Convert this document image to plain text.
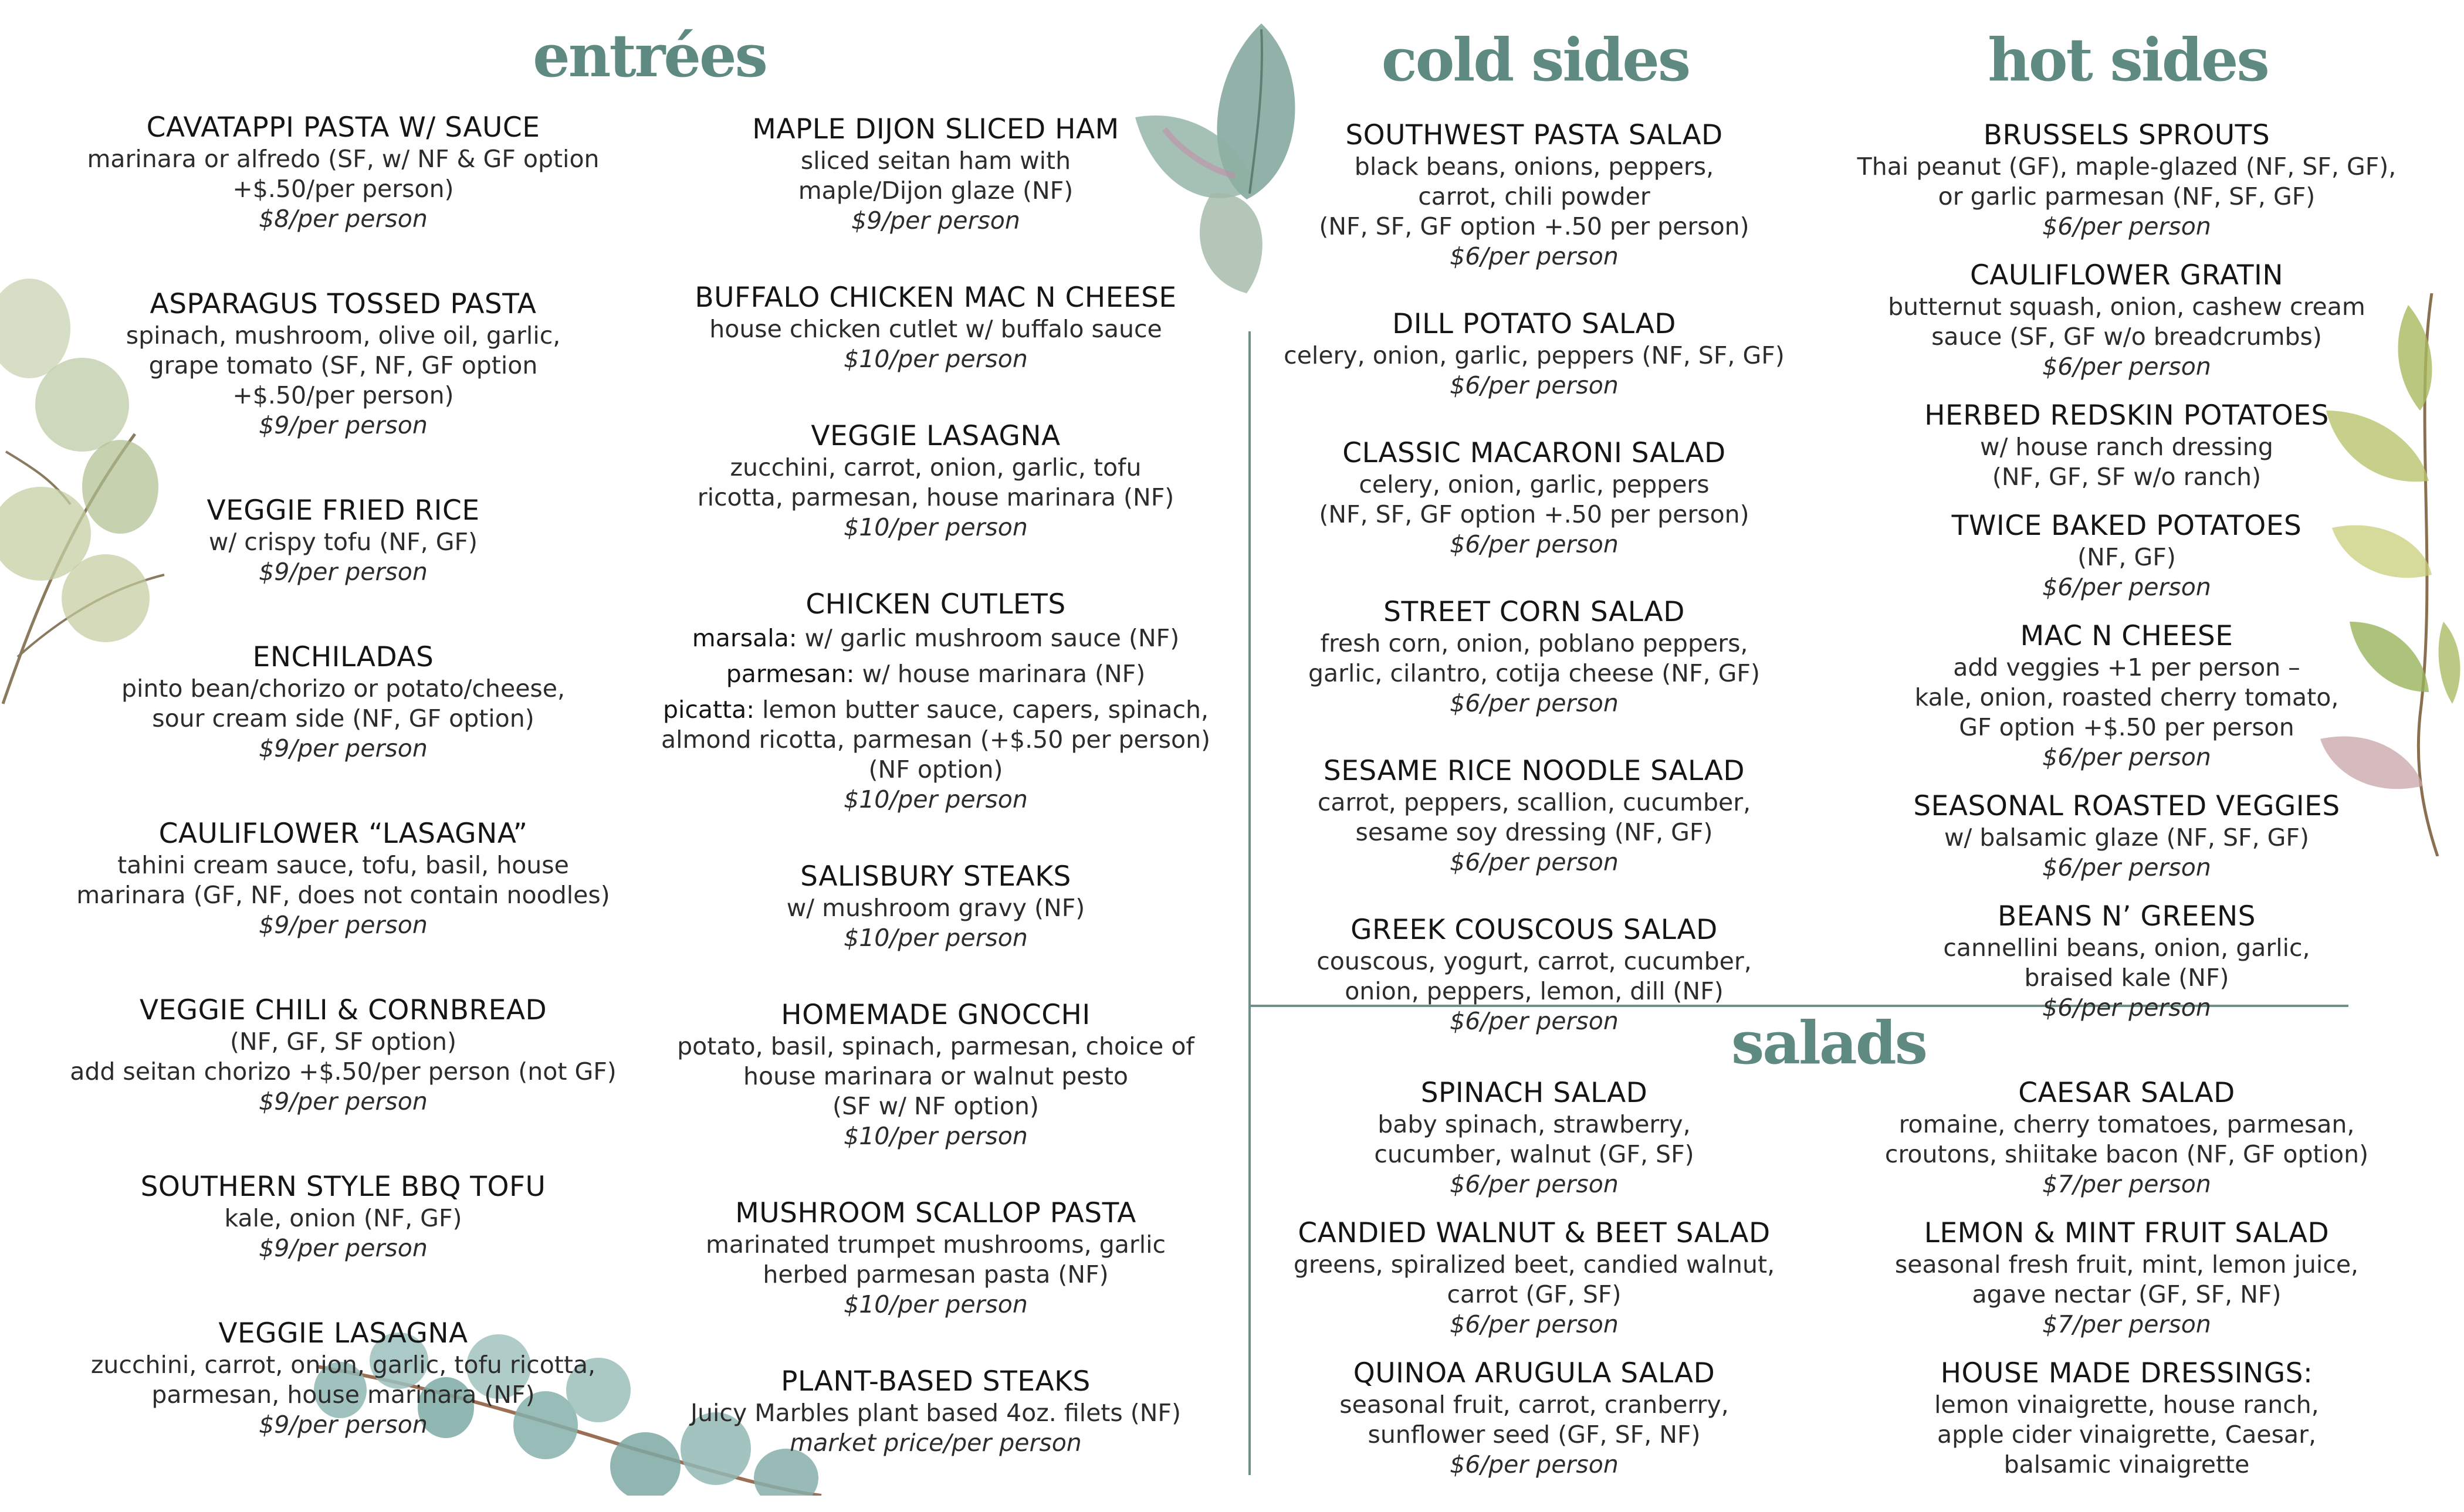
entrées	cold sides	hot sides
salads
CAVATAPPI PASTA W/ SAUCE
marinara or alfredo (SF, w/ NF & GF option
+$.50/per person)
$8/per person
ASPARAGUS TOSSED PASTA
spinach, mushroom, olive oil, garlic,
grape tomato (SF, NF, GF option
+$.50/per person)
$9/per person
VEGGIE FRIED RICE
w/ crispy tofu (NF, GF)
$9/per person
ENCHILADAS
pinto bean/chorizo or potato/cheese,
sour cream side (NF, GF option)
$9/per person
CAULIFLOWER “LASAGNA”
tahini cream sauce, tofu, basil, house
marinara (GF, NF, does not contain noodles)
$9/per person
VEGGIE CHILI & CORNBREAD
(NF, GF, SF option)
add seitan chorizo +$.50/per person (not GF)
$9/per person
SOUTHERN STYLE BBQ TOFU
kale, onion (NF, GF)
$9/per person
VEGGIE LASAGNA
zucchini, carrot, onion, garlic, tofu ricotta,
parmesan, house marinara (NF)
$9/per person
MAPLE DIJON SLICED HAM
sliced seitan ham with
maple/Dijon glaze (NF)
$9/per person
BUFFALO CHICKEN MAC N CHEESE
house chicken cutlet w/ buffalo sauce
$10/per person
VEGGIE LASAGNA
zucchini, carrot, onion, garlic, tofu
ricotta, parmesan, house marinara (NF)
$10/per person
CHICKEN CUTLETS
marsala: w/ garlic mushroom sauce (NF)
parmesan: w/ house marinara (NF)
picatta: lemon butter sauce, capers, spinach,
almond ricotta, parmesan (+$.50 per person)
(NF option)
$10/per person
SALISBURY STEAKS
w/ mushroom gravy (NF)
$10/per person
HOMEMADE GNOCCHI
potato, basil, spinach, parmesan, choice of
house marinara or walnut pesto
(SF w/ NF option)
$10/per person
MUSHROOM SCALLOP PASTA
marinated trumpet mushrooms, garlic
herbed parmesan pasta (NF)
$10/per person
PLANT-BASED STEAKS
Juicy Marbles plant based 4oz. filets (NF)
market price/per person
SOUTHWEST PASTA SALAD
black beans, onions, peppers,
carrot, chili powder
(NF, SF, GF option +.50 per person)
$6/per person
DILL POTATO SALAD
celery, onion, garlic, peppers (NF, SF, GF)
$6/per person
CLASSIC MACARONI SALAD
celery, onion, garlic, peppers
(NF, SF, GF option +.50 per person)
$6/per person
STREET CORN SALAD
fresh corn, onion, poblano peppers,
garlic, cilantro, cotija cheese (NF, GF)
$6/per person
SESAME RICE NOODLE SALAD
carrot, peppers, scallion, cucumber,
sesame soy dressing (NF, GF)
$6/per person
GREEK COUSCOUS SALAD
couscous, yogurt, carrot, cucumber,
onion, peppers, lemon, dill (NF)
$6/per person
BRUSSELS SPROUTS
Thai peanut (GF), maple-glazed (NF, SF, GF),
or garlic parmesan (NF, SF, GF)
$6/per person
CAULIFLOWER GRATIN
butternut squash, onion, cashew cream
sauce (SF, GF w/o breadcrumbs)
$6/per person
HERBED REDSKIN POTATOES
w/ house ranch dressing
(NF, GF, SF w/o ranch)
TWICE BAKED POTATOES
(NF, GF)
$6/per person
MAC N CHEESE
add veggies +1 per person –
kale, onion, roasted cherry tomato,
GF option +$.50 per person
$6/per person
SEASONAL ROASTED VEGGIES
w/ balsamic glaze (NF, SF, GF)
$6/per person
BEANS N’ GREENS
cannellini beans, onion, garlic,
braised kale (NF)
$6/per person
SPINACH SALAD
baby spinach, strawberry,
cucumber, walnut (GF, SF)
$6/per person
CANDIED WALNUT & BEET SALAD
greens, spiralized beet, candied walnut,
carrot (GF, SF)
$6/per person
QUINOA ARUGULA SALAD
seasonal fruit, carrot, cranberry,
sunflower seed (GF, SF, NF)
$6/per person
CAESAR SALAD
romaine, cherry tomatoes, parmesan,
croutons, shiitake bacon (NF, GF option)
$7/per person
LEMON & MINT FRUIT SALAD
seasonal fresh fruit, mint, lemon juice,
agave nectar (GF, SF, NF)
$7/per person
HOUSE MADE DRESSINGS:
lemon vinaigrette, house ranch,
apple cider vinaigrette, Caesar,
balsamic vinaigrette
